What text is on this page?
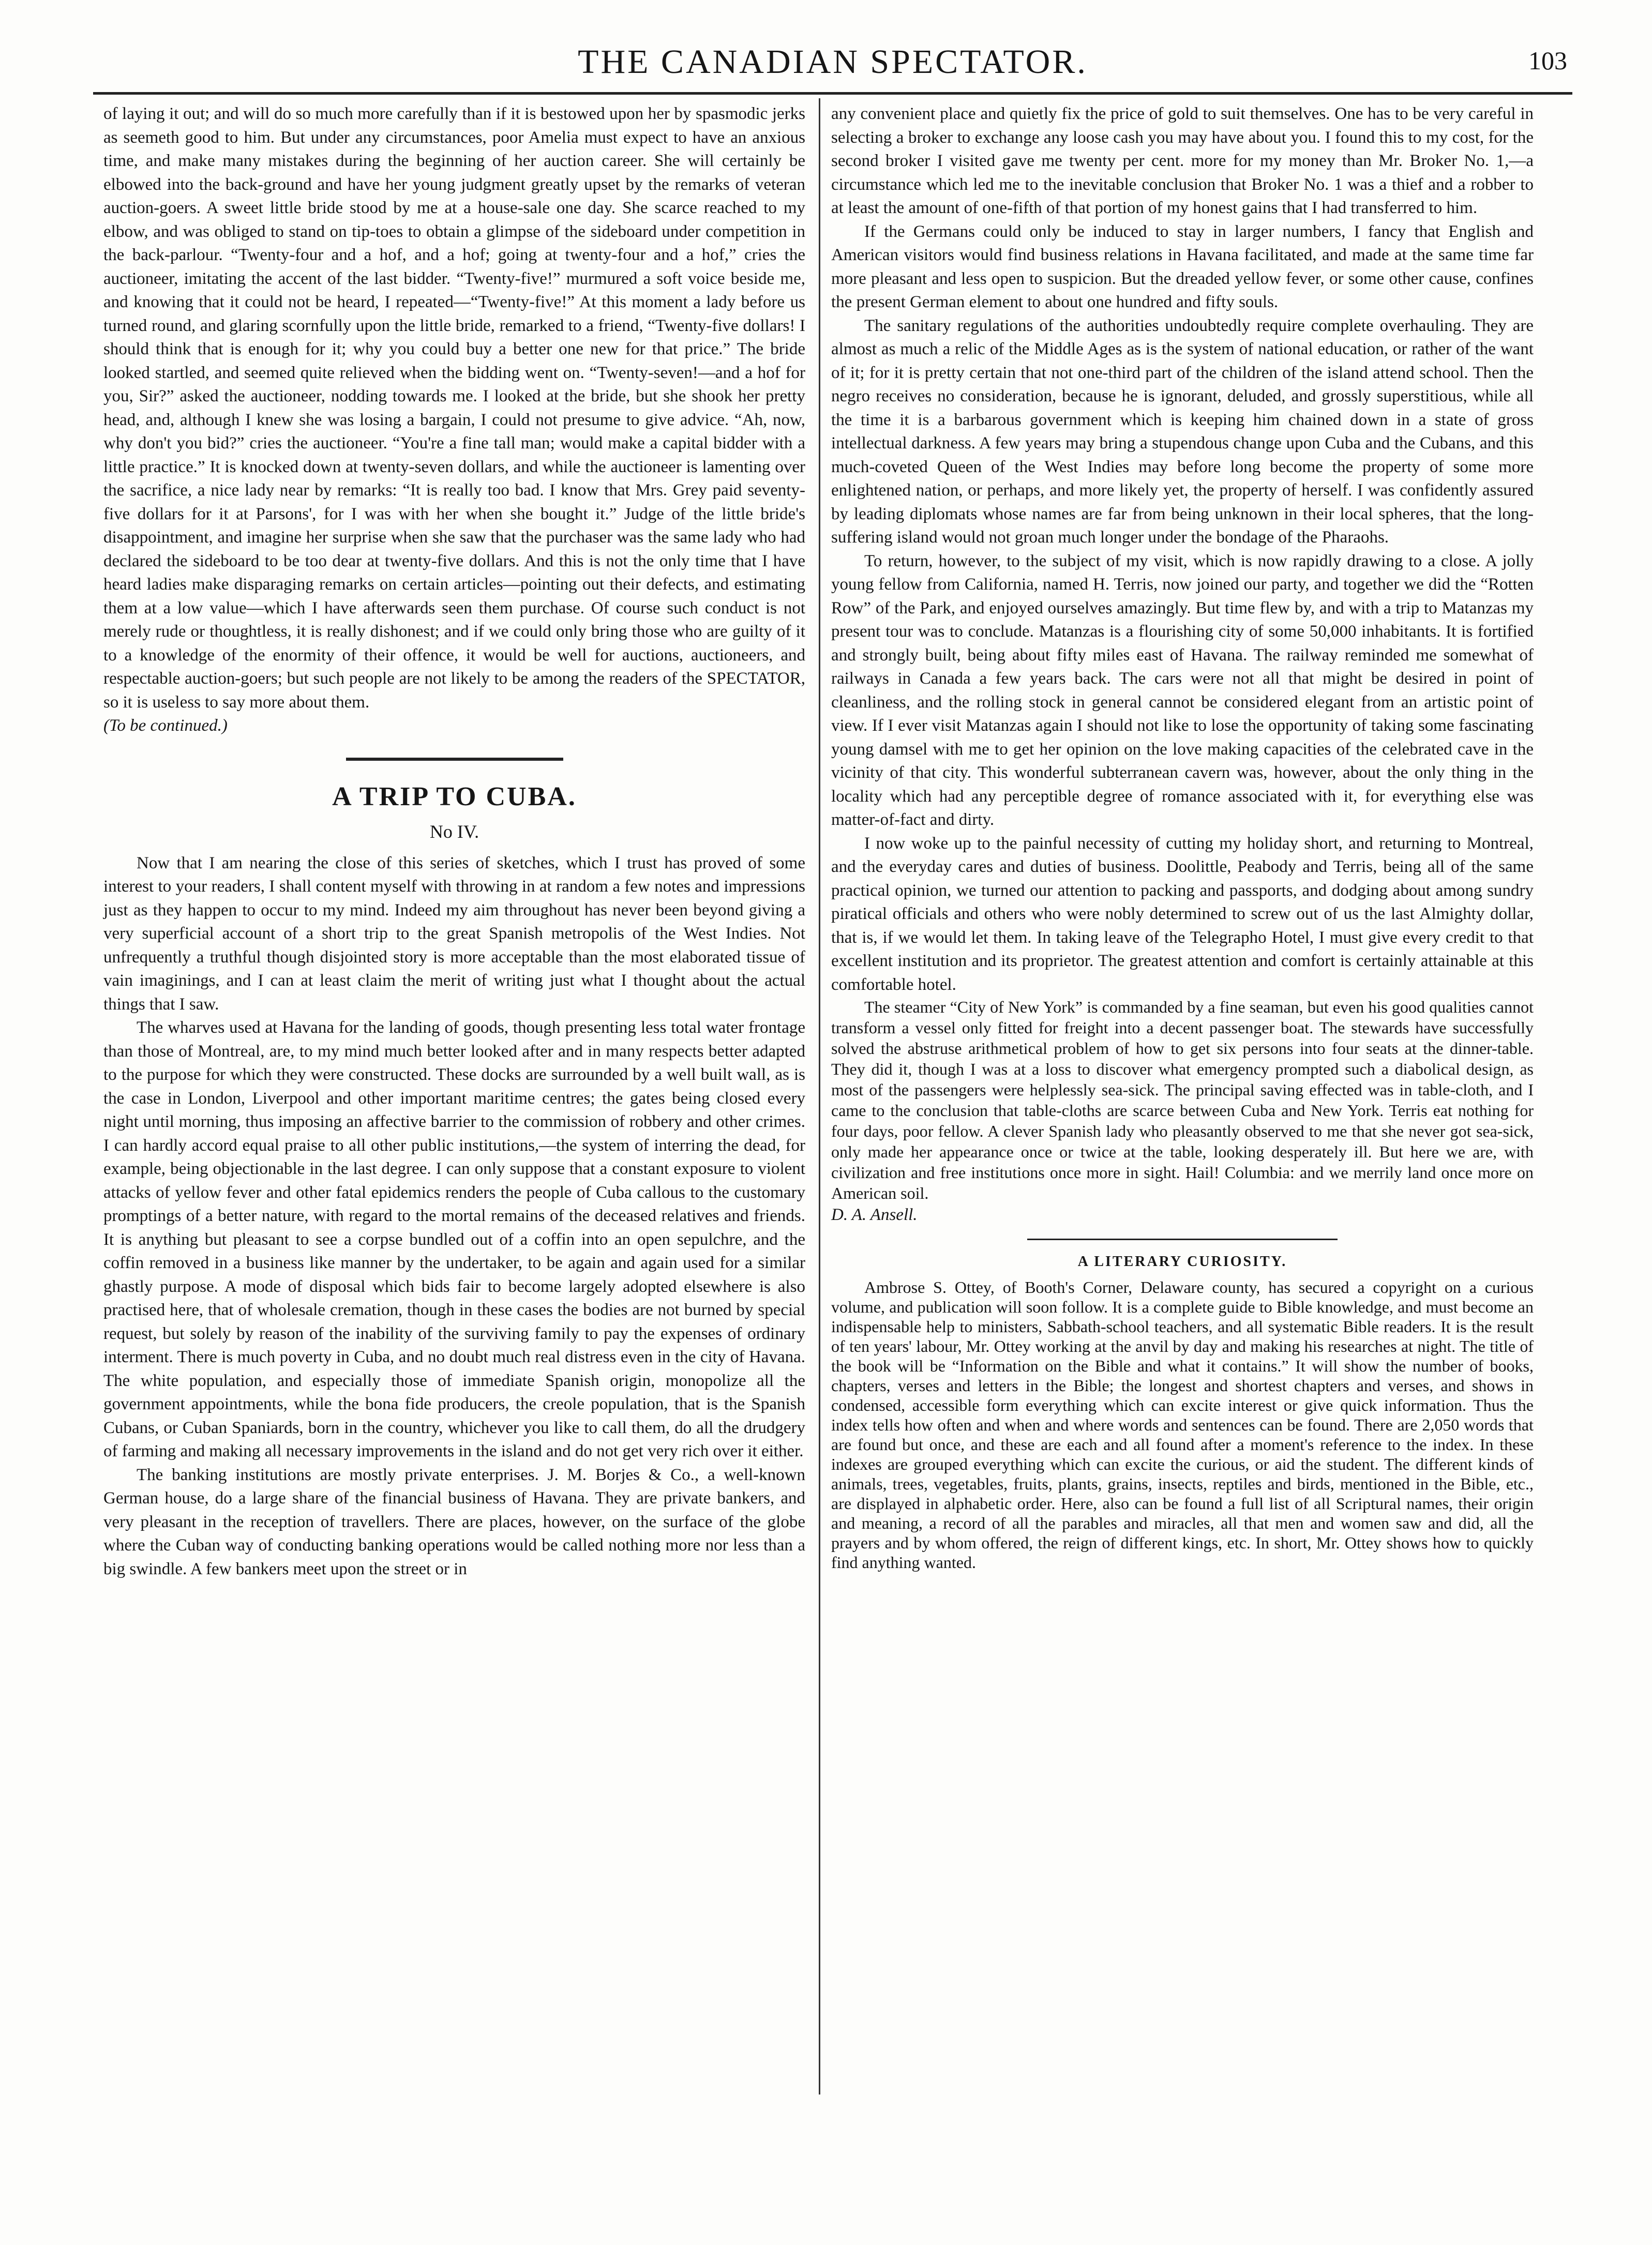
THE CANADIAN SPECTATOR.	103

of laying it out; and will do so much more carefully than if it is bestowed upon her by spasmodic jerks as seemeth good to him. But under any circumstances, poor Amelia must expect to have an anxious time, and make many mistakes during the beginning of her auction career. She will certainly be elbowed into the back-ground and have her young judgment greatly upset by the remarks of veteran auction-goers. A sweet little bride stood by me at a house-sale one day. She scarce reached to my elbow, and was obliged to stand on tip-toes to obtain a glimpse of the sideboard under competition in the back-parlour. “Twenty-four and a hof, and a hof; going at twenty-four and a hof,” cries the auctioneer, imitating the accent of the last bidder. “Twenty-five!” murmured a soft voice beside me, and knowing that it could not be heard, I repeated—“Twenty-five!” At this moment a lady before us turned round, and glaring scornfully upon the little bride, remarked to a friend, “Twenty-five dollars! I should think that is enough for it; why you could buy a better one new for that price.” The bride looked startled, and seemed quite relieved when the bidding went on. “Twenty-seven!—and a hof for you, Sir?” asked the auctioneer, nodding towards me. I looked at the bride, but she shook her pretty head, and, although I knew she was losing a bargain, I could not presume to give advice. “Ah, now, why don't you bid?” cries the auctioneer. “You're a fine tall man; would make a capital bidder with a little practice.” It is knocked down at twenty-seven dollars, and while the auctioneer is lamenting over the sacrifice, a nice lady near by remarks: “It is really too bad. I know that Mrs. Grey paid seventy-five dollars for it at Parsons', for I was with her when she bought it.” Judge of the little bride's disappointment, and imagine her surprise when she saw that the purchaser was the same lady who had declared the sideboard to be too dear at twenty-five dollars. And this is not the only time that I have heard ladies make disparaging remarks on certain articles—pointing out their defects, and estimating them at a low value—which I have afterwards seen them purchase. Of course such conduct is not merely rude or thoughtless, it is really dishonest; and if we could only bring those who are guilty of it to a knowledge of the enormity of their offence, it would be well for auctions, auctioneers, and respectable auction-goers; but such people are not likely to be among the readers of the SPECTATOR, so it is useless to say more about them.

(To be continued.)

A TRIP TO CUBA.
No IV.

Now that I am nearing the close of this series of sketches, which I trust has proved of some interest to your readers, I shall content myself with throwing in at random a few notes and impressions just as they happen to occur to my mind. Indeed my aim throughout has never been beyond giving a very superficial account of a short trip to the great Spanish metropolis of the West Indies. Not unfrequently a truthful though disjointed story is more acceptable than the most elaborated tissue of vain imaginings, and I can at least claim the merit of writing just what I thought about the actual things that I saw.

The wharves used at Havana for the landing of goods, though presenting less total water frontage than those of Montreal, are, to my mind much better looked after and in many respects better adapted to the purpose for which they were constructed. These docks are surrounded by a well built wall, as is the case in London, Liverpool and other important maritime centres; the gates being closed every night until morning, thus imposing an affective barrier to the commission of robbery and other crimes. I can hardly accord equal praise to all other public institutions,—the system of interring the dead, for example, being objectionable in the last degree. I can only suppose that a constant exposure to violent attacks of yellow fever and other fatal epidemics renders the people of Cuba callous to the customary promptings of a better nature, with regard to the mortal remains of the deceased relatives and friends. It is anything but pleasant to see a corpse bundled out of a coffin into an open sepulchre, and the coffin removed in a business like manner by the undertaker, to be again and again used for a similar ghastly purpose. A mode of disposal which bids fair to become largely adopted elsewhere is also practised here, that of wholesale cremation, though in these cases the bodies are not burned by special request, but solely by reason of the inability of the surviving family to pay the expenses of ordinary interment. There is much poverty in Cuba, and no doubt much real distress even in the city of Havana. The white population, and especially those of immediate Spanish origin, monopolize all the government appointments, while the bona fide producers, the creole population, that is the Spanish Cubans, or Cuban Spaniards, born in the country, whichever you like to call them, do all the drudgery of farming and making all necessary improvements in the island and do not get very rich over it either.

The banking institutions are mostly private enterprises. J. M. Borjes & Co., a well-known German house, do a large share of the financial business of Havana. They are private bankers, and very pleasant in the reception of travellers. There are places, however, on the surface of the globe where the Cuban way of conducting banking operations would be called nothing more nor less than a big swindle. A few bankers meet upon the street or in

any convenient place and quietly fix the price of gold to suit themselves. One has to be very careful in selecting a broker to exchange any loose cash you may have about you. I found this to my cost, for the second broker I visited gave me twenty per cent. more for my money than Mr. Broker No. 1,—a circumstance which led me to the inevitable conclusion that Broker No. 1 was a thief and a robber to at least the amount of one-fifth of that portion of my honest gains that I had transferred to him.

If the Germans could only be induced to stay in larger numbers, I fancy that English and American visitors would find business relations in Havana facilitated, and made at the same time far more pleasant and less open to suspicion. But the dreaded yellow fever, or some other cause, confines the present German element to about one hundred and fifty souls.

The sanitary regulations of the authorities undoubtedly require complete overhauling. They are almost as much a relic of the Middle Ages as is the system of national education, or rather of the want of it; for it is pretty certain that not one-third part of the children of the island attend school. Then the negro receives no consideration, because he is ignorant, deluded, and grossly superstitious, while all the time it is a barbarous government which is keeping him chained down in a state of gross intellectual darkness. A few years may bring a stupendous change upon Cuba and the Cubans, and this much-coveted Queen of the West Indies may before long become the property of some more enlightened nation, or perhaps, and more likely yet, the property of herself. I was confidently assured by leading diplomats whose names are far from being unknown in their local spheres, that the long-suffering island would not groan much longer under the bondage of the Pharaohs.

To return, however, to the subject of my visit, which is now rapidly drawing to a close. A jolly young fellow from California, named H. Terris, now joined our party, and together we did the “Rotten Row” of the Park, and enjoyed ourselves amazingly. But time flew by, and with a trip to Matanzas my present tour was to conclude. Matanzas is a flourishing city of some 50,000 inhabitants. It is fortified and strongly built, being about fifty miles east of Havana. The railway reminded me somewhat of railways in Canada a few years back. The cars were not all that might be desired in point of cleanliness, and the rolling stock in general cannot be considered elegant from an artistic point of view. If I ever visit Matanzas again I should not like to lose the opportunity of taking some fascinating young damsel with me to get her opinion on the love making capacities of the celebrated cave in the vicinity of that city. This wonderful subterranean cavern was, however, about the only thing in the locality which had any perceptible degree of romance associated with it, for everything else was matter-of-fact and dirty.

I now woke up to the painful necessity of cutting my holiday short, and returning to Montreal, and the everyday cares and duties of business. Doolittle, Peabody and Terris, being all of the same practical opinion, we turned our attention to packing and passports, and dodging about among sundry piratical officials and others who were nobly determined to screw out of us the last Almighty dollar, that is, if we would let them. In taking leave of the Telegrapho Hotel, I must give every credit to that excellent institution and its proprietor. The greatest attention and comfort is certainly attainable at this comfortable hotel.

The steamer “City of New York” is commanded by a fine seaman, but even his good qualities cannot transform a vessel only fitted for freight into a decent passenger boat. The stewards have successfully solved the abstruse arithmetical problem of how to get six persons into four seats at the dinner-table. They did it, though I was at a loss to discover what emergency prompted such a diabolical design, as most of the passengers were helplessly sea-sick. The principal saving effected was in table-cloth, and I came to the conclusion that table-cloths are scarce between Cuba and New York. Terris eat nothing for four days, poor fellow. A clever Spanish lady who pleasantly observed to me that she never got sea-sick, only made her appearance once or twice at the table, looking desperately ill. But here we are, with civilization and free institutions once more in sight. Hail! Columbia: and we merrily land once more on American soil.

D. A. Ansell.

A LITERARY CURIOSITY.

Ambrose S. Ottey, of Booth's Corner, Delaware county, has secured a copyright on a curious volume, and publication will soon follow. It is a complete guide to Bible knowledge, and must become an indispensable help to ministers, Sabbath-school teachers, and all systematic Bible readers. It is the result of ten years' labour, Mr. Ottey working at the anvil by day and making his researches at night. The title of the book will be “Information on the Bible and what it contains.” It will show the number of books, chapters, verses and letters in the Bible; the longest and shortest chapters and verses, and shows in condensed, accessible form everything which can excite interest or give quick information. Thus the index tells how often and when and where words and sentences can be found. There are 2,050 words that are found but once, and these are each and all found after a moment's reference to the index. In these indexes are grouped everything which can excite the curious, or aid the student. The different kinds of animals, trees, vegetables, fruits, plants, grains, insects, reptiles and birds, mentioned in the Bible, etc., are displayed in alphabetic order. Here, also can be found a full list of all Scriptural names, their origin and meaning, a record of all the parables and miracles, all that men and women saw and did, all the prayers and by whom offered, the reign of different kings, etc. In short, Mr. Ottey shows how to quickly find anything wanted.
